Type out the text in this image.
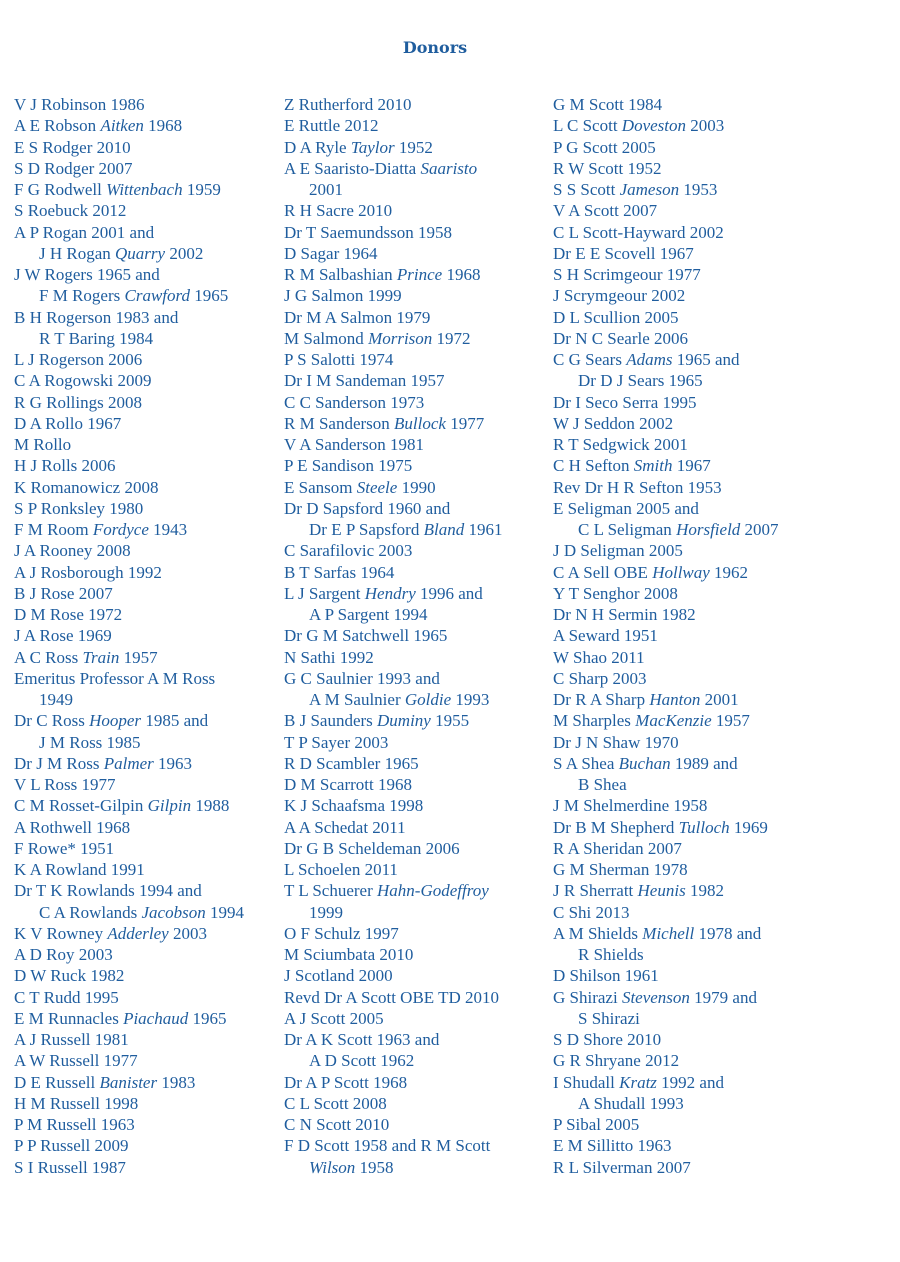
Donors
V J Robinson 1986
A E Robson Aitken 1968
E S Rodger 2010
S D Rodger 2007
F G Rodwell Wittenbach 1959
S Roebuck 2012
A P Rogan 2001 and
J H Rogan Quarry 2002
J W Rogers 1965 and
F M Rogers Crawford 1965
B H Rogerson 1983 and
R T Baring 1984
L J Rogerson 2006
C A Rogowski 2009
R G Rollings 2008
D A Rollo 1967
M Rollo
H J Rolls 2006
K Romanowicz 2008
S P Ronksley 1980
F M Room Fordyce 1943
J A Rooney 2008
A J Rosborough 1992
B J Rose 2007
D M Rose 1972
J A Rose 1969
A C Ross Train 1957
Emeritus Professor A M Ross
1949
Dr C Ross Hooper 1985 and
J M Ross 1985
Dr J M Ross Palmer 1963
V L Ross 1977
C M Rosset-Gilpin Gilpin 1988
A Rothwell 1968
F Rowe* 1951
K A Rowland 1991
Dr T K Rowlands 1994 and
C A Rowlands Jacobson 1994
K V Rowney Adderley 2003
A D Roy 2003
D W Ruck 1982
C T Rudd 1995
E M Runnacles Piachaud 1965
A J Russell 1981
A W Russell 1977
D E Russell Banister 1983
H M Russell 1998
P M Russell 1963
P P Russell 2009
S I Russell 1987
Z Rutherford 2010
E Ruttle 2012
D A Ryle Taylor 1952
A E Saaristo-Diatta Saaristo
2001
R H Sacre 2010
Dr T Saemundsson 1958
D Sagar 1964
R M Salbashian Prince 1968
J G Salmon 1999
Dr M A Salmon 1979
M Salmond Morrison 1972
P S Salotti 1974
Dr I M Sandeman 1957
C C Sanderson 1973
R M Sanderson Bullock 1977
V A Sanderson 1981
P E Sandison 1975
E Sansom Steele 1990
Dr D Sapsford 1960 and
Dr E P Sapsford Bland 1961
C Sarafilovic 2003
B T Sarfas 1964
L J Sargent Hendry 1996 and
A P Sargent 1994
Dr G M Satchwell 1965
N Sathi 1992
G C Saulnier 1993 and
A M Saulnier Goldie 1993
B J Saunders Duminy 1955
T P Sayer 2003
R D Scambler 1965
D M Scarrott 1968
K J Schaafsma 1998
A A Schedat 2011
Dr G B Scheldeman 2006
L Schoelen 2011
T L Schuerer Hahn-Godeffroy
1999
O F Schulz 1997
M Sciumbata 2010
J Scotland 2000
Revd Dr A Scott OBE TD 2010
A J Scott 2005
Dr A K Scott 1963 and
A D Scott 1962
Dr A P Scott 1968
C L Scott 2008
C N Scott 2010
F D Scott 1958 and R M Scott
Wilson 1958
G M Scott 1984
L C Scott Doveston 2003
P G Scott 2005
R W Scott 1952
S S Scott Jameson 1953
V A Scott 2007
C L Scott-Hayward 2002
Dr E E Scovell 1967
S H Scrimgeour 1977
J Scrymgeour 2002
D L Scullion 2005
Dr N C Searle 2006
C G Sears Adams 1965 and
Dr D J Sears 1965
Dr I Seco Serra 1995
W J Seddon 2002
R T Sedgwick 2001
C H Sefton Smith 1967
Rev Dr H R Sefton 1953
E Seligman 2005 and
C L Seligman Horsfield 2007
J D Seligman 2005
C A Sell OBE Hollway 1962
Y T Senghor 2008
Dr N H Sermin 1982
A Seward 1951
W Shao 2011
C Sharp 2003
Dr R A Sharp Hanton 2001
M Sharples MacKenzie 1957
Dr J N Shaw 1970
S A Shea Buchan 1989 and
B Shea
J M Shelmerdine 1958
Dr B M Shepherd Tulloch 1969
R A Sheridan 2007
G M Sherman 1978
J R Sherratt Heunis 1982
C Shi 2013
A M Shields Michell 1978 and
R Shields
D Shilson 1961
G Shirazi Stevenson 1979 and
S Shirazi
S D Shore 2010
G R Shryane 2012
I Shudall Kratz 1992 and
A Shudall 1993
P Sibal 2005
E M Sillitto 1963
R L Silverman 2007
